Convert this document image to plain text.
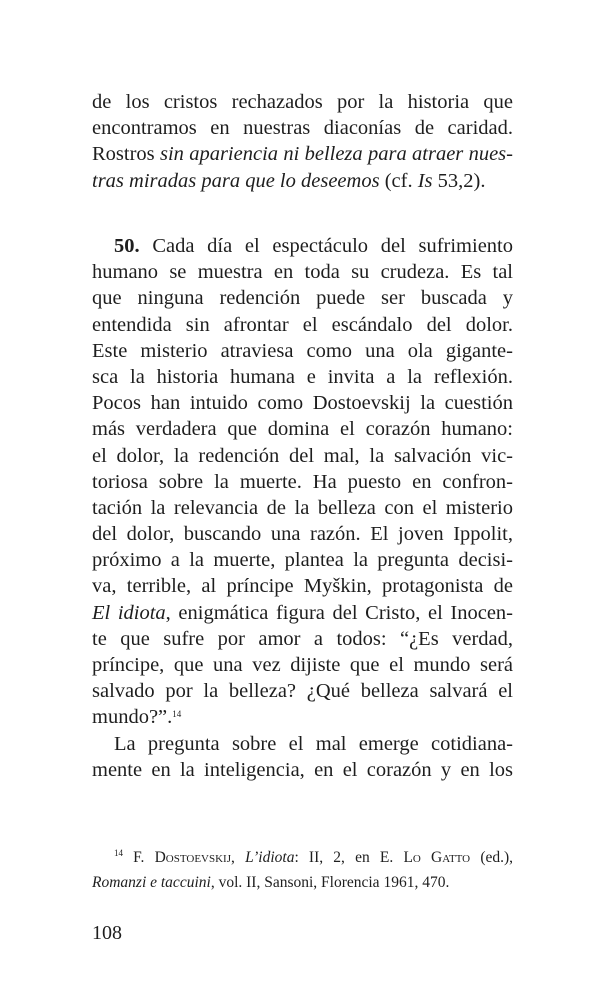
de los cristos rechazados por la historia que
encontramos en nuestras diaconías de caridad.
Rostros sin apariencia ni belleza para atraer nues-
tras miradas para que lo deseemos (cf. Is 53,2).
50. Cada día el espectáculo del sufrimiento
humano se muestra en toda su crudeza. Es tal
que ninguna redención puede ser buscada y
entendida sin afrontar el escándalo del dolor.
Este misterio atraviesa como una ola gigante-
sca la historia humana e invita a la reflexión.
Pocos han intuido como Dostoevskij la cuestión
más verdadera que domina el corazón humano:
el dolor, la redención del mal, la salvación vic-
toriosa sobre la muerte. Ha puesto en confron-
tación la relevancia de la belleza con el misterio
del dolor, buscando una razón. El joven Ippolit,
próximo a la muerte, plantea la pregunta decisi-
va, terrible, al príncipe Myškin, protagonista de
El idiota, enigmática figura del Cristo, el Inocen-
te que sufre por amor a todos: “¿Es verdad,
príncipe, que una vez dijiste que el mundo será
salvado por la belleza? ¿Qué belleza salvará el
mundo?”.$^{14}$
La pregunta sobre el mal emerge cotidiana-
mente en la inteligencia, en el corazón y en los
$^{14}$ F. Dostoevskij, L’idiota: II, 2, en E. Lo Gatto (ed.),
Romanzi e taccuini, vol. II, Sansoni, Florencia 1961, 470.
108
